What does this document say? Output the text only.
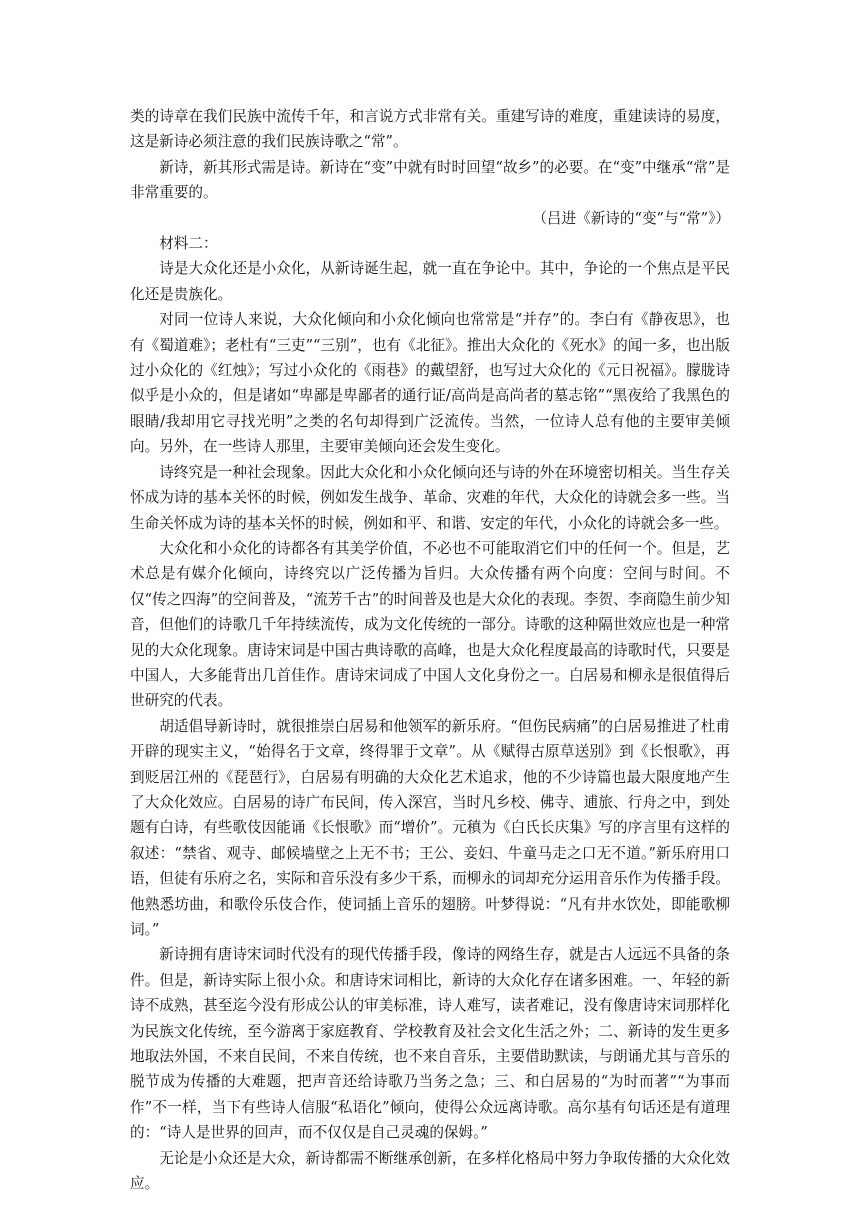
类的诗章在我们民族中流传千年，和言说方式非常有关。重建写诗的难度，重建读诗的易度，这是新诗必须注意的我们民族诗歌之“常”。

新诗，新其形式需是诗。新诗在“变”中就有时时回望“故乡”的必要。在“变”中继承“常”是非常重要的。

（吕进《新诗的“变”与“常”》）

材料二：

诗是大众化还是小众化，从新诗诞生起，就一直在争论中。其中，争论的一个焦点是平民化还是贵族化。

对同一位诗人来说，大众化倾向和小众化倾向也常常是“并存”的。李白有《静夜思》，也有《蜀道难》；老杜有“三吏”“三别”，也有《北征》。推出大众化的《死水》的闻一多，也出版过小众化的《红烛》；写过小众化的《雨巷》的戴望舒，也写过大众化的《元日祝福》。朦胧诗似乎是小众的，但是诸如“卑鄙是卑鄙者的通行证/高尚是高尚者的墓志铭”“黑夜给了我黑色的眼睛/我却用它寻找光明”之类的名句却得到广泛流传。当然，一位诗人总有他的主要审美倾向。另外，在一些诗人那里，主要审美倾向还会发生变化。

诗终究是一种社会现象。因此大众化和小众化倾向还与诗的外在环境密切相关。当生存关怀成为诗的基本关怀的时候，例如发生战争、革命、灾难的年代，大众化的诗就会多一些。当生命关怀成为诗的基本关怀的时候，例如和平、和谐、安定的年代，小众化的诗就会多一些。

大众化和小众化的诗都各有其美学价值，不必也不可能取消它们中的任何一个。但是，艺术总是有媒介化倾向，诗终究以广泛传播为旨归。大众传播有两个向度：空间与时间。不仅“传之四海”的空间普及，“流芳千古”的时间普及也是大众化的表现。李贺、李商隐生前少知音，但他们的诗歌几千年持续流传，成为文化传统的一部分。诗歌的这种隔世效应也是一种常见的大众化现象。唐诗宋词是中国古典诗歌的高峰，也是大众化程度最高的诗歌时代，只要是中国人，大多能背出几首佳作。唐诗宋词成了中国人文化身份之一。白居易和柳永是很值得后世研究的代表。

胡适倡导新诗时，就很推崇白居易和他领军的新乐府。“但伤民病痛”的白居易推进了杜甫开辟的现实主义，“始得名于文章，终得罪于文章”。从《赋得古原草送别》到《长恨歌》，再到贬居江州的《琵琶行》，白居易有明确的大众化艺术追求，他的不少诗篇也最大限度地产生了大众化效应。白居易的诗广布民间，传入深宫，当时凡乡校、佛寺、逋旅、行舟之中，到处题有白诗，有些歌伎因能诵《长恨歌》而“增价”。元稹为《白氏长庆集》写的序言里有这样的叙述：“禁省、观寺、邮候墙壁之上无不书；王公、妾妇、牛童马走之口无不道。”新乐府用口语，但徒有乐府之名，实际和音乐没有多少干系，而柳永的词却充分运用音乐作为传播手段。他熟悉坊曲，和歌伶乐伎合作，使词插上音乐的翅膀。叶梦得说：“凡有井水饮处，即能歌柳词。”

新诗拥有唐诗宋词时代没有的现代传播手段，像诗的网络生存，就是古人远远不具备的条件。但是，新诗实际上很小众。和唐诗宋词相比，新诗的大众化存在诸多困难。一、年轻的新诗不成熟，甚至迄今没有形成公认的审美标准，诗人难写，读者难记，没有像唐诗宋词那样化为民族文化传统，至今游离于家庭教育、学校教育及社会文化生活之外；二、新诗的发生更多地取法外国，不来自民间，不来自传统，也不来自音乐，主要借助默读，与朗诵尤其与音乐的脱节成为传播的大难题，把声音还给诗歌乃当务之急；三、和白居易的“为时而著”“为事而作”不一样，当下有些诗人信服“私语化”倾向，使得公众远离诗歌。高尔基有句话还是有道理的：“诗人是世界的回声，而不仅仅是自己灵魂的保姆。”

无论是小众还是大众，新诗都需不断继承创新，在多样化格局中努力争取传播的大众化效应。
